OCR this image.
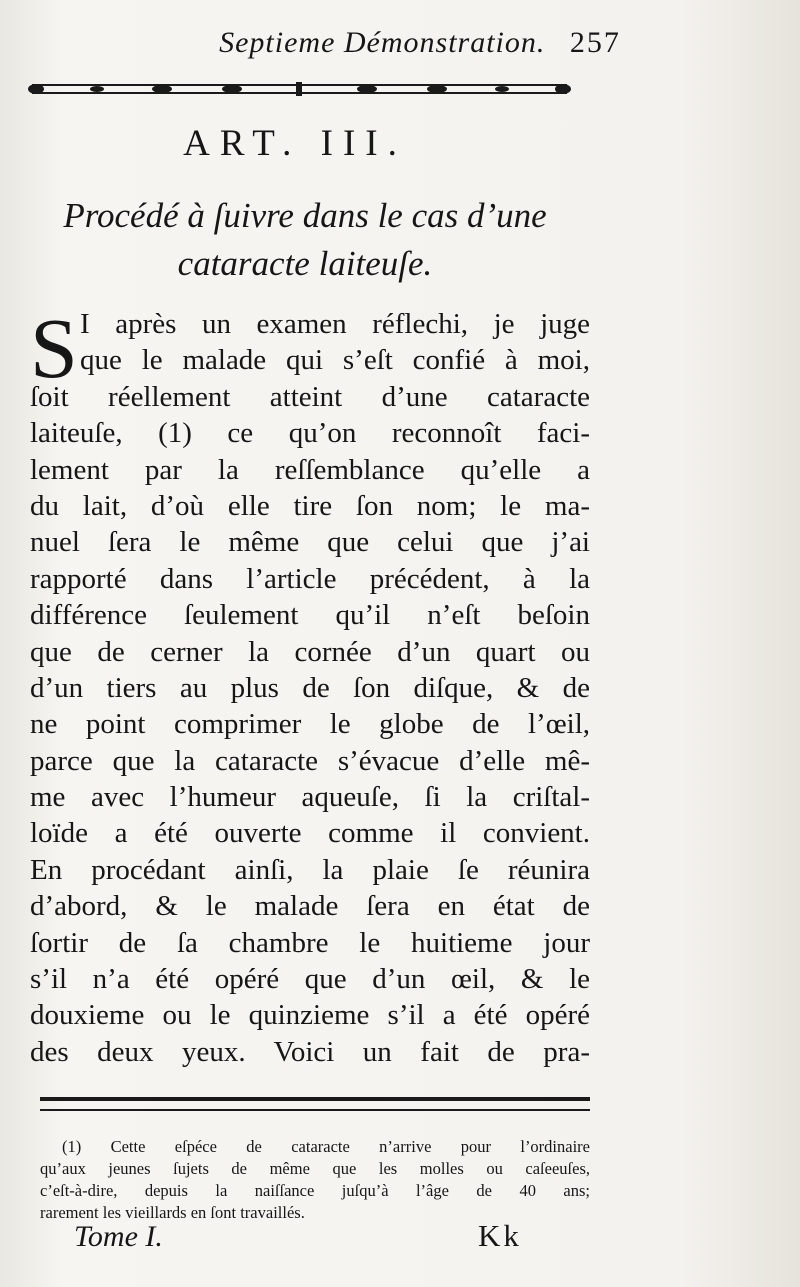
Septieme Démonstration. 257
ART. III.
Procédé à ſuivre dans le cas d’une
cataracte laiteuſe.
S I après un examen réflechi, je juge
que le malade qui s’eſt confié à moi,
ſoit réellement atteint d’une cataracte
laiteuſe, (1) ce qu’on reconnoît faci-
lement par la reſſemblance qu’elle a
du lait, d’où elle tire ſon nom; le ma-
nuel ſera le même que celui que j’ai
rapporté dans l’article précédent, à la
différence ſeulement qu’il n’eſt beſoin
que de cerner la cornée d’un quart ou
d’un tiers au plus de ſon diſque, & de
ne point comprimer le globe de l’œil,
parce que la cataracte s’évacue d’elle mê-
me avec l’humeur aqueuſe, ſi la criſtal-
loïde a été ouverte comme il convient.
En procédant ainſi, la plaie ſe réunira
d’abord, & le malade ſera en état de
ſortir de ſa chambre le huitieme jour
s’il n’a été opéré que d’un œil, & le
douxieme ou le quinzieme s’il a été opéré
des deux yeux. Voici un fait de pra-
(1) Cette eſpéce de cataracte n’arrive pour l’ordinaire
qu’aux jeunes ſujets de même que les molles ou caſeeuſes,
c’eſt-à-dire, depuis la naiſſance juſqu’à l’âge de 40 ans;
rarement les vieillards en ſont travaillés.
Tome I.	Kk
